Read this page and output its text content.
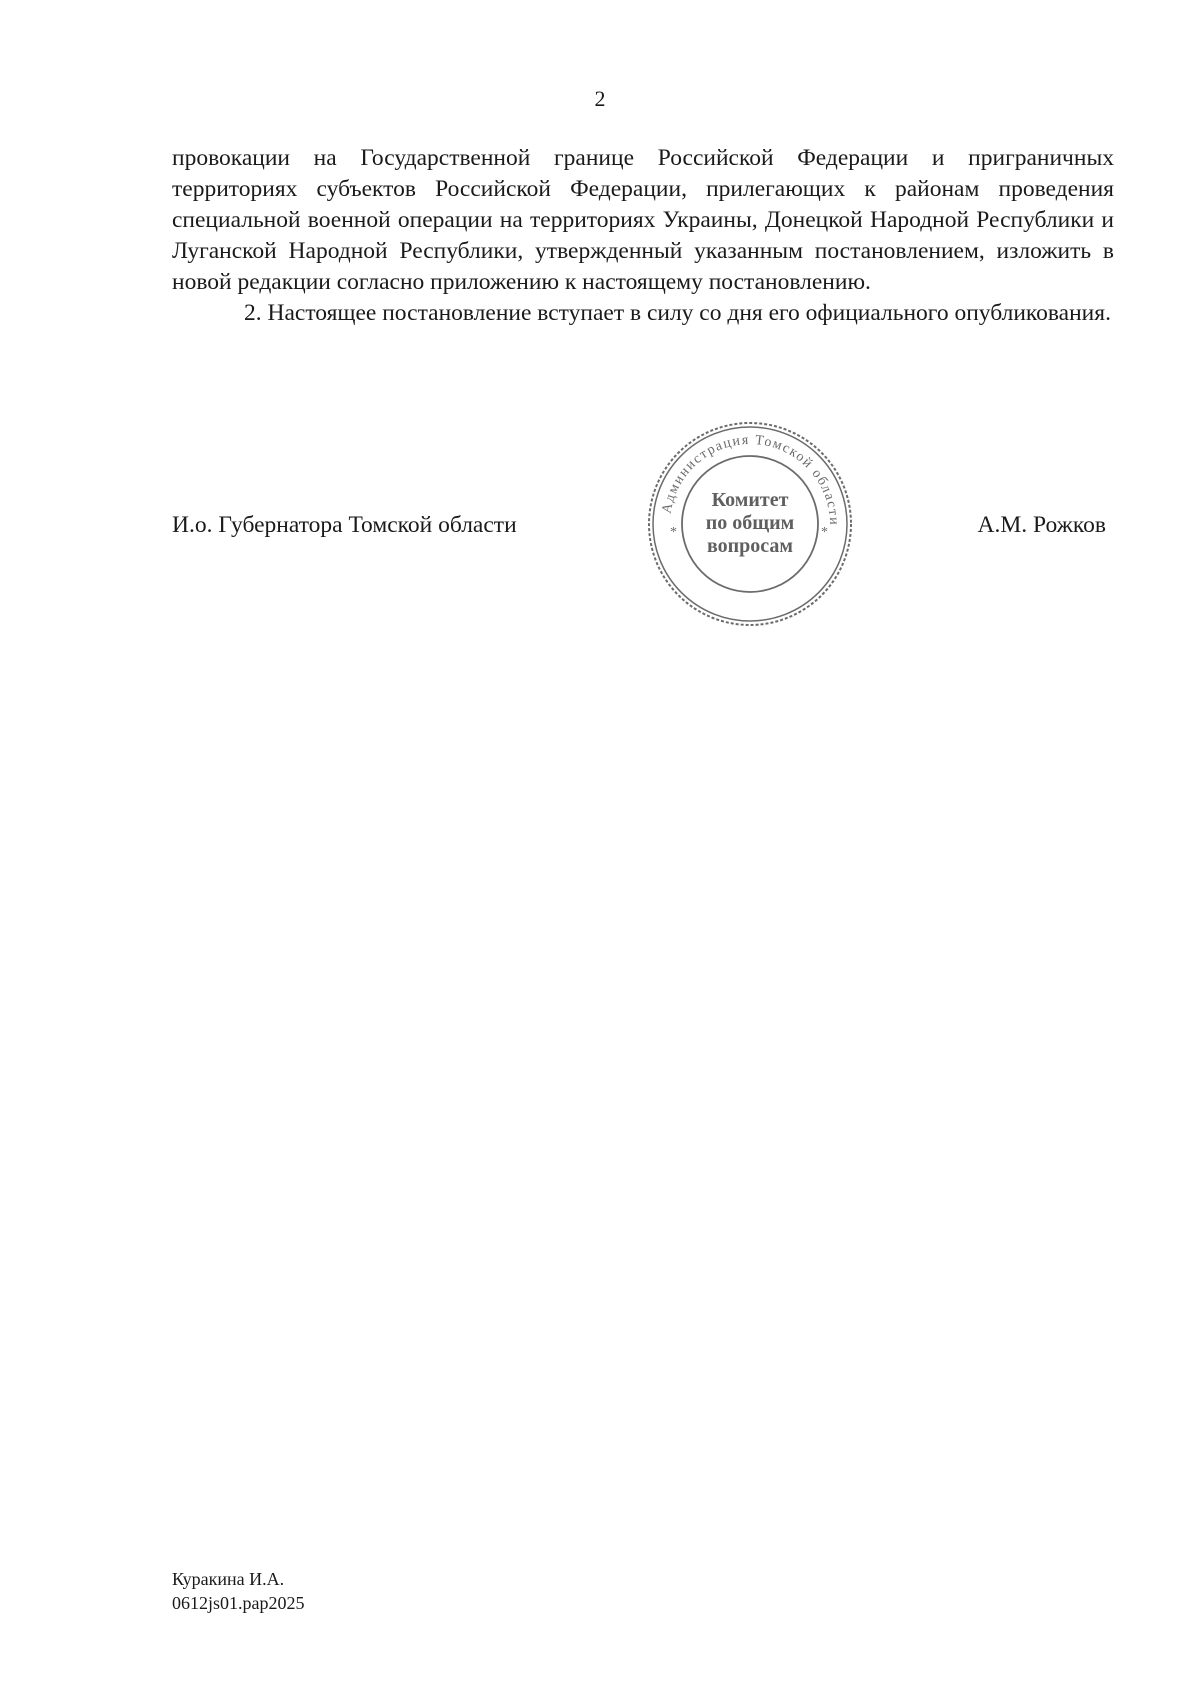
2

провокации на Государственной границе Российской Федерации и приграничных территориях субъектов Российской Федерации, прилегающих к районам проведения специальной военной операции на территориях Украины, Донецкой Народной Республики и Луганской Народной Республики, утвержденный указанным постановлением, изложить в новой редакции согласно приложению к настоящему постановлению.

2. Настоящее постановление вступает в силу со дня его официального опубликования.

И.о. Губернатора Томской области	А.М. Рожков
Администрация Томской области
*	*
Комитет
по общим
вопросам
Куракина И.А.
0612js01.pap2025
